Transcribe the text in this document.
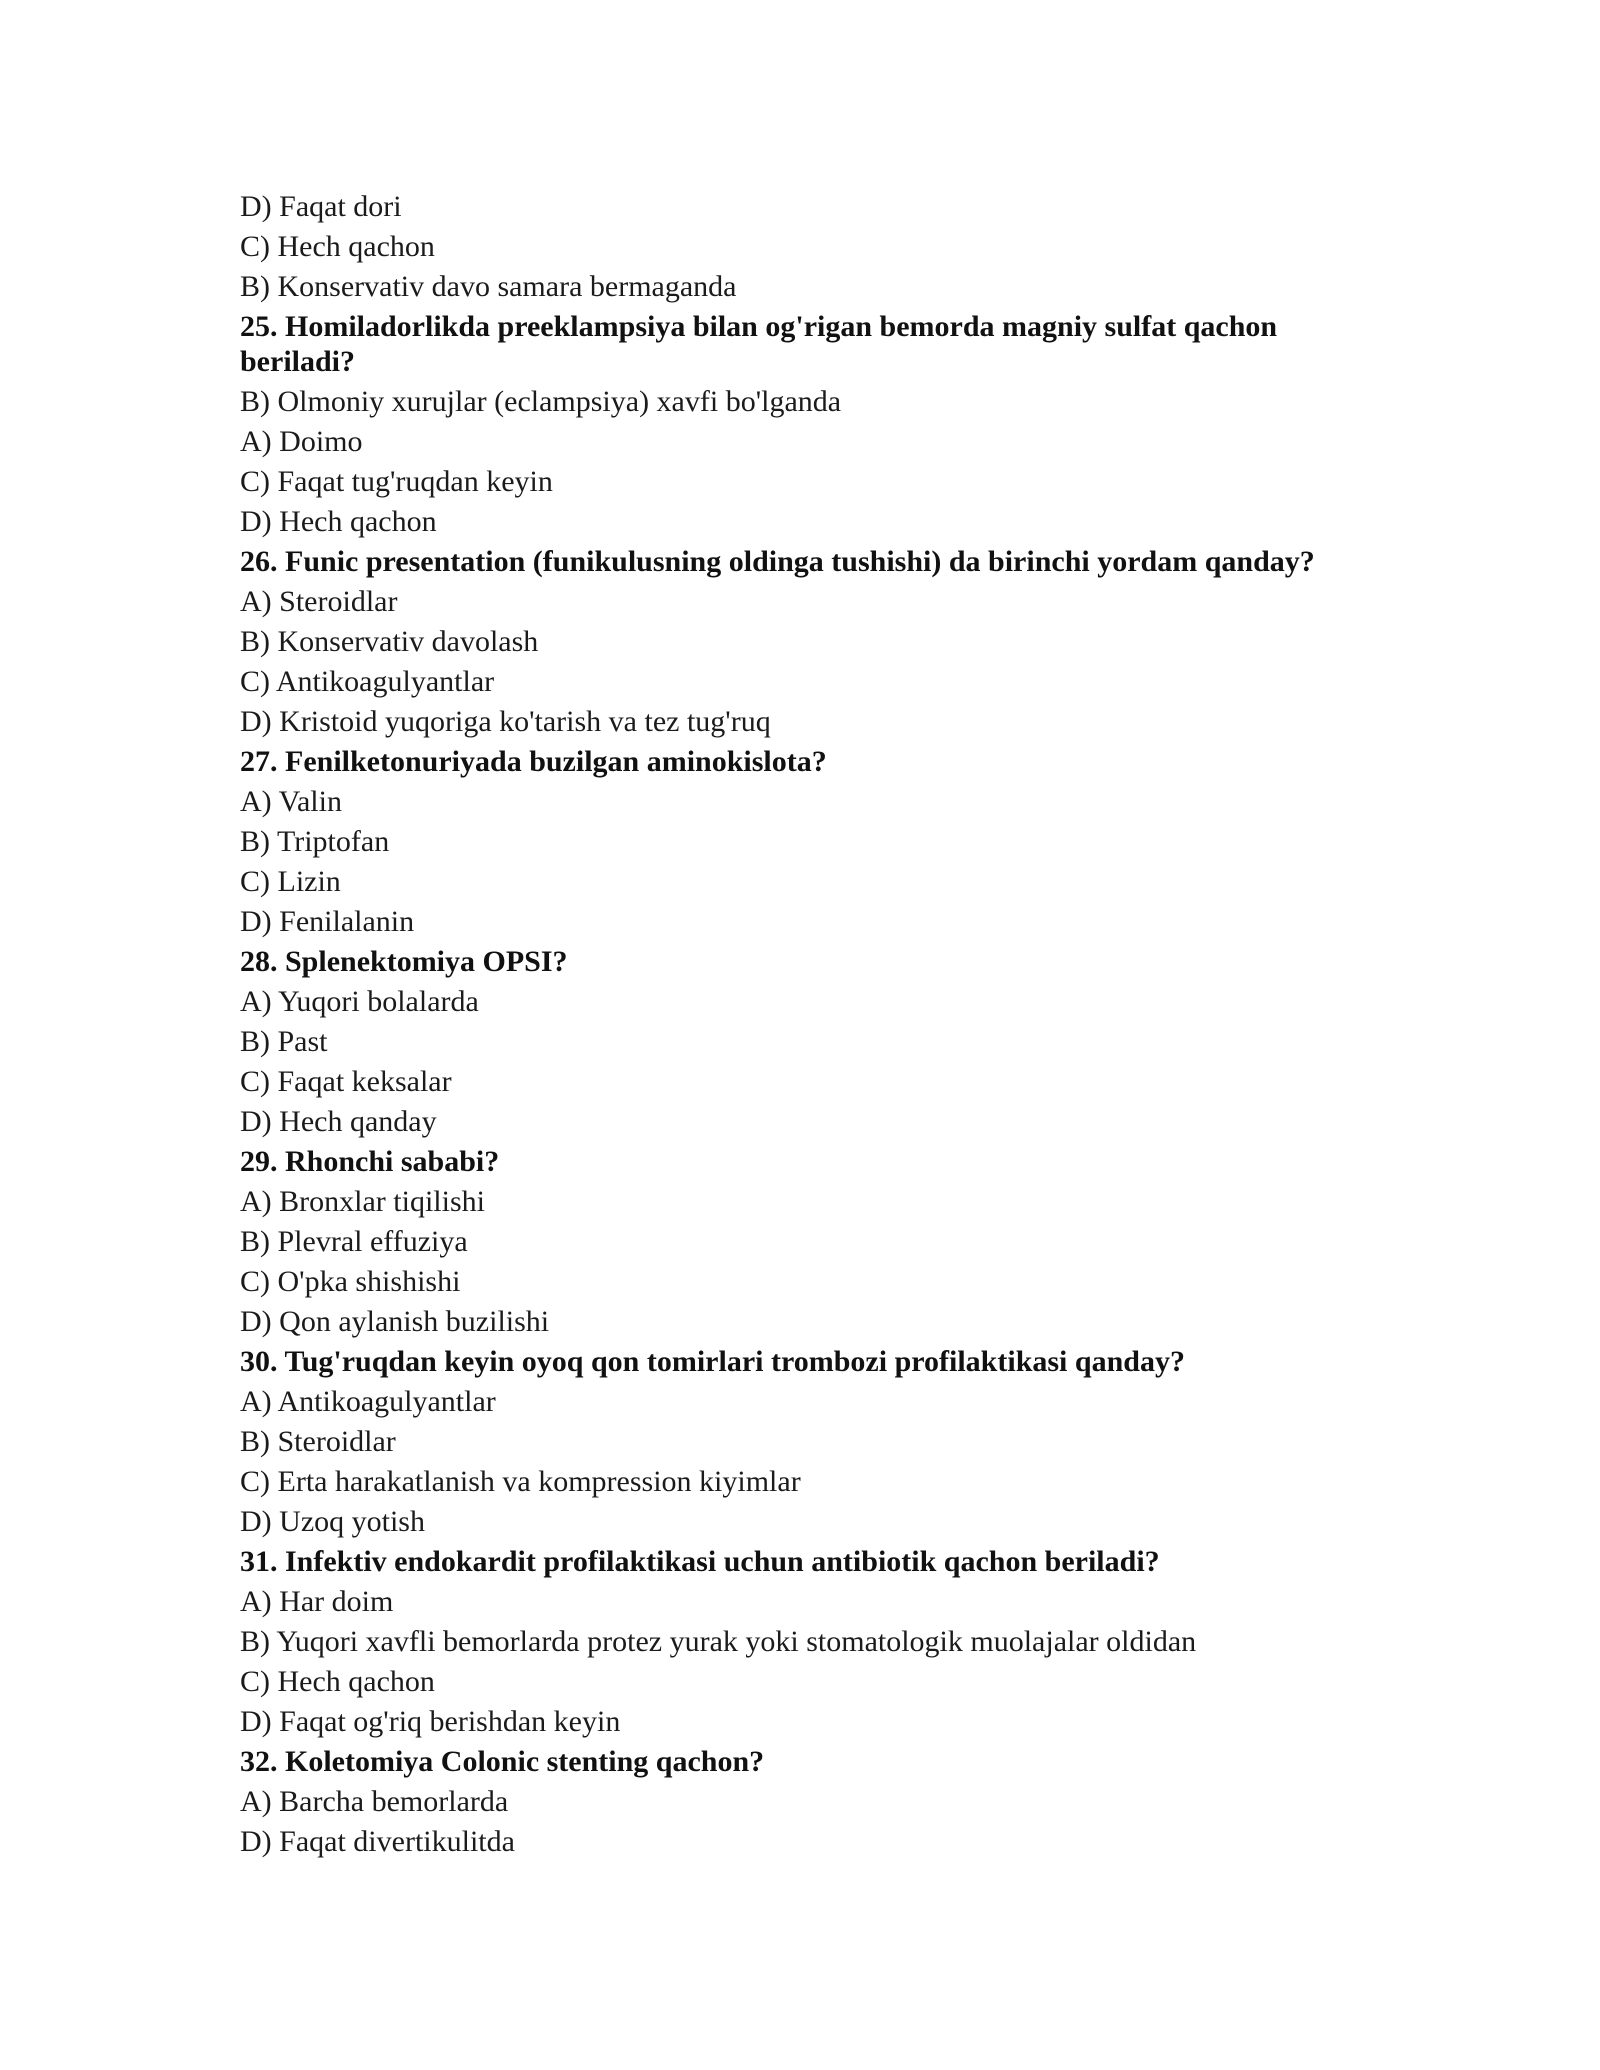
D) Faqat dori
C) Hech qachon
B) Konservativ davo samara bermaganda
25. Homiladorlikda preeklampsiya bilan og'rigan bemorda magniy sulfat qachon beriladi?
B) Olmoniy xurujlar (eclampsiya) xavfi bo'lganda
A) Doimo
C) Faqat tug'ruqdan keyin
D) Hech qachon
26. Funic presentation (funikulusning oldinga tushishi) da birinchi yordam qanday?
A) Steroidlar
B) Konservativ davolash
C) Antikoagulyantlar
D) Kristoid yuqoriga ko'tarish va tez tug'ruq
27. Fenilketonuriyada buzilgan aminokislota?
A) Valin
B) Triptofan
C) Lizin
D) Fenilalanin
28. Splenektomiya OPSI?
A) Yuqori bolalarda
B) Past
C) Faqat keksalar
D) Hech qanday
29. Rhonchi sababi?
A) Bronxlar tiqilishi
B) Plevral effuziya
C) O'pka shishishi
D) Qon aylanish buzilishi
30. Tug'ruqdan keyin oyoq qon tomirlari trombozi profilaktikasi qanday?
A) Antikoagulyantlar
B) Steroidlar
C) Erta harakatlanish va kompression kiyimlar
D) Uzoq yotish
31. Infektiv endokardit profilaktikasi uchun antibiotik qachon beriladi?
A) Har doim
B) Yuqori xavfli bemorlarda protez yurak yoki stomatologik muolajalar oldidan
C) Hech qachon
D) Faqat og'riq berishdan keyin
32. Koletomiya Colonic stenting qachon?
A) Barcha bemorlarda
D) Faqat divertikulitda
